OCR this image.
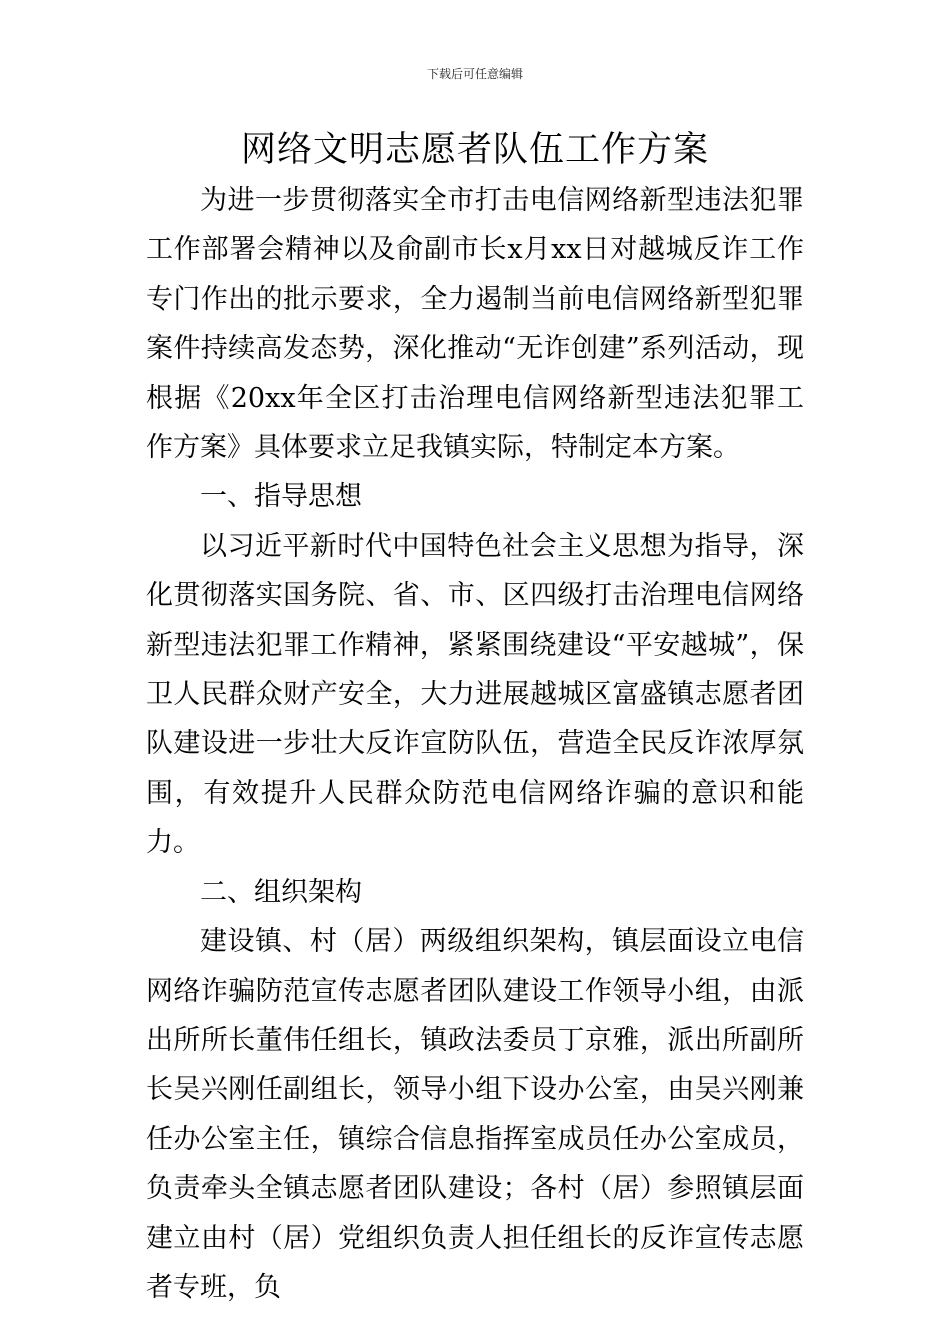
下载后可任意编辑
网络文明志愿者队伍工作方案

为进一步贯彻落实全市打击电信网络新型违法犯罪工作部署会精神以及俞副市长x月xx日对越城反诈工作专门作出的批示要求，全力遏制当前电信网络新型犯罪案件持续高发态势，深化推动“无诈创建”系列活动，现根据《20xx年全区打击治理电信网络新型违法犯罪工作方案》具体要求立足我镇实际，特制定本方案。

一、指导思想

以习近平新时代中国特色社会主义思想为指导，深化贯彻落实国务院、省、市、区四级打击治理电信网络新型违法犯罪工作精神，紧紧围绕建设“平安越城”，保卫人民群众财产安全，大力进展越城区富盛镇志愿者团队建设进一步壮大反诈宣防队伍，营造全民反诈浓厚氛围，有效提升人民群众防范电信网络诈骗的意识和能力。

二、组织架构

建设镇、村（居）两级组织架构，镇层面设立电信网络诈骗防范宣传志愿者团队建设工作领导小组，由派出所所长董伟任组长，镇政法委员丁京雅，派出所副所长吴兴刚任副组长，领导小组下设办公室，由吴兴刚兼任办公室主任，镇综合信息指挥室成员任办公室成员，负责牵头全镇志愿者团队建设；各村（居）参照镇层面建立由村（居）党组织负责人担任组长的反诈宣传志愿者专班，负
